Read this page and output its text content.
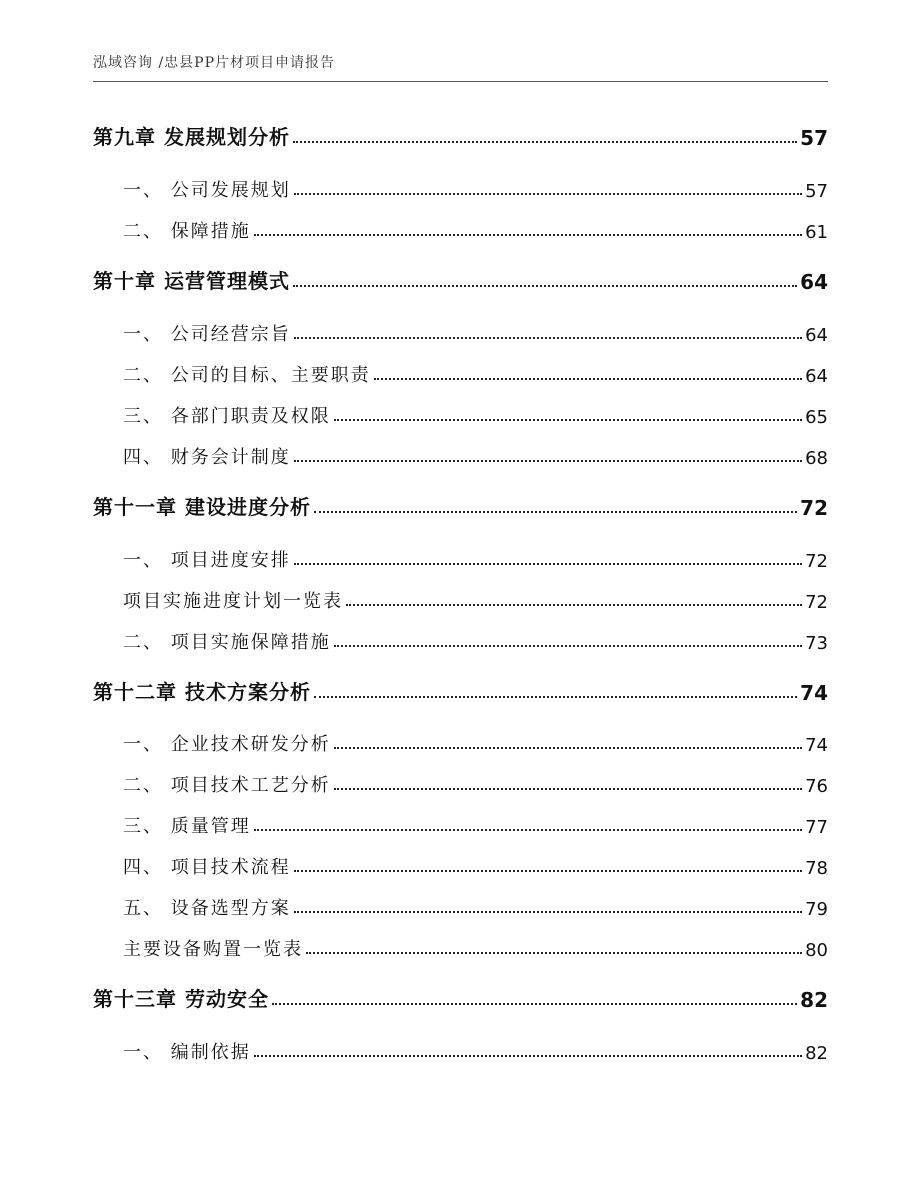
泓域咨询 /忠县PP片材项目申请报告
第九章 发展规划分析	57
一、 公司发展规划	57
二、 保障措施	61
第十章 运营管理模式	64
一、 公司经营宗旨	64
二、 公司的目标、主要职责	64
三、 各部门职责及权限	65
四、 财务会计制度	68
第十一章 建设进度分析	72
一、 项目进度安排	72
项目实施进度计划一览表	72
二、 项目实施保障措施	73
第十二章 技术方案分析	74
一、 企业技术研发分析	74
二、 项目技术工艺分析	76
三、 质量管理	77
四、 项目技术流程	78
五、 设备选型方案	79
主要设备购置一览表	80
第十三章 劳动安全	82
一、 编制依据	82
